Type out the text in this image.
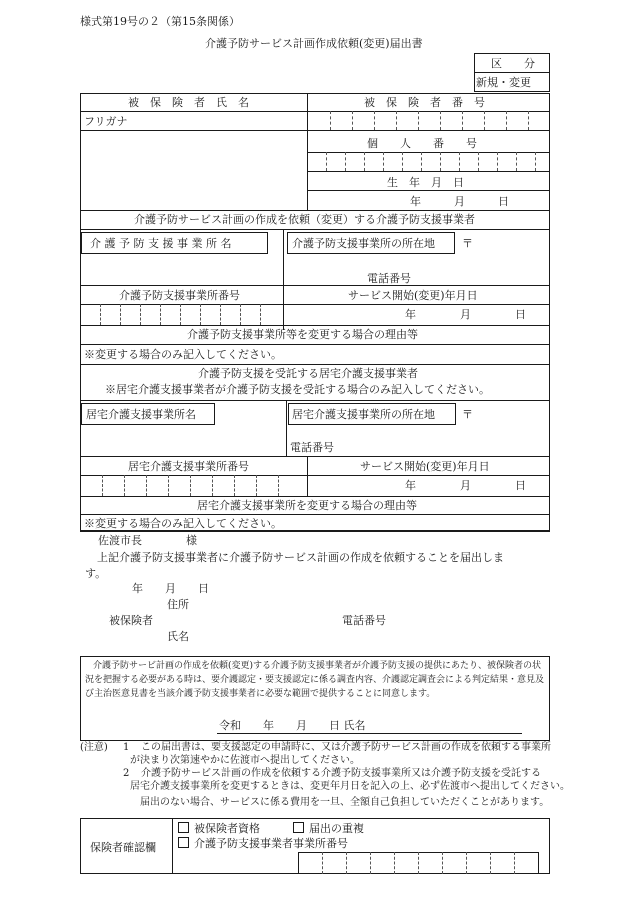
様式第19号の２（第15条関係）
介護予防サービス計画作成依頼(変更)届出書
区　　分
新規・変更
被　保　険　者　氏　名	被　保　険　者　番　号
フリガナ
個　　人　　番　　号
生　年　月　日
年　　　月　　　日
介護予防サービス計画の作成を依頼（変更）する介護予防支援事業者
介 護 予 防 支 援 事 業 所 名	介護予防支援事業所の所在地 〒
電話番号
介護予防支援事業所番号	サービス開始(変更)年月日
年　　　　月　　　　日
介護予防支援事業所等を変更する場合の理由等
※変更する場合のみ記入してください。
介護予防支援を受託する居宅介護支援事業者
※居宅介護支援事業者が介護予防支援を受託する場合のみ記入してください。
居宅介護支援事業所名	居宅介護支援事業所の所在地 〒
電話番号
居宅介護支援事業所番号	サービス開始(変更)年月日
年　　　　月　　　　日
居宅介護支援事業所を変更する場合の理由等
※変更する場合のみ記入してください。
佐渡市長　　　　様
上記介護予防支援事業者に介護予防サービス計画の作成を依頼することを届出しま
す。
年　　月　　日
住所
被保険者	電話番号
氏名
介護予防サービ計画の作成を依頼(変更)する介護予防支援事業者が介護予防支援の提供にあたり、被保険者の状況を把握する必要がある時は、要介護認定・要支援認定に係る調査内容、介護認定調査会による判定結果・意見及び主治医意見書を当該介護予防支援事業者に必要な範囲で提供することに同意します。
令和　　年　　月　　日 氏名
(注意) 1 この届出書は、要支援認定の申請時に、又は介護予防サービス計画の作成を依頼する事業所
が決まり次第速やかに佐渡市へ提出してください。
2 介護予防サービス計画の作成を依頼する介護予防支援事業所又は介護予防支援を受託する
居宅介護支援事業所を変更するときは、変更年月日を記入の上、必ず佐渡市へ提出してください。
届出のない場合、サービスに係る費用を一旦、全額自己負担していただくことがあります。
保険者確認欄
被保険者資格	届出の重複
介護予防支援事業者事業所番号
